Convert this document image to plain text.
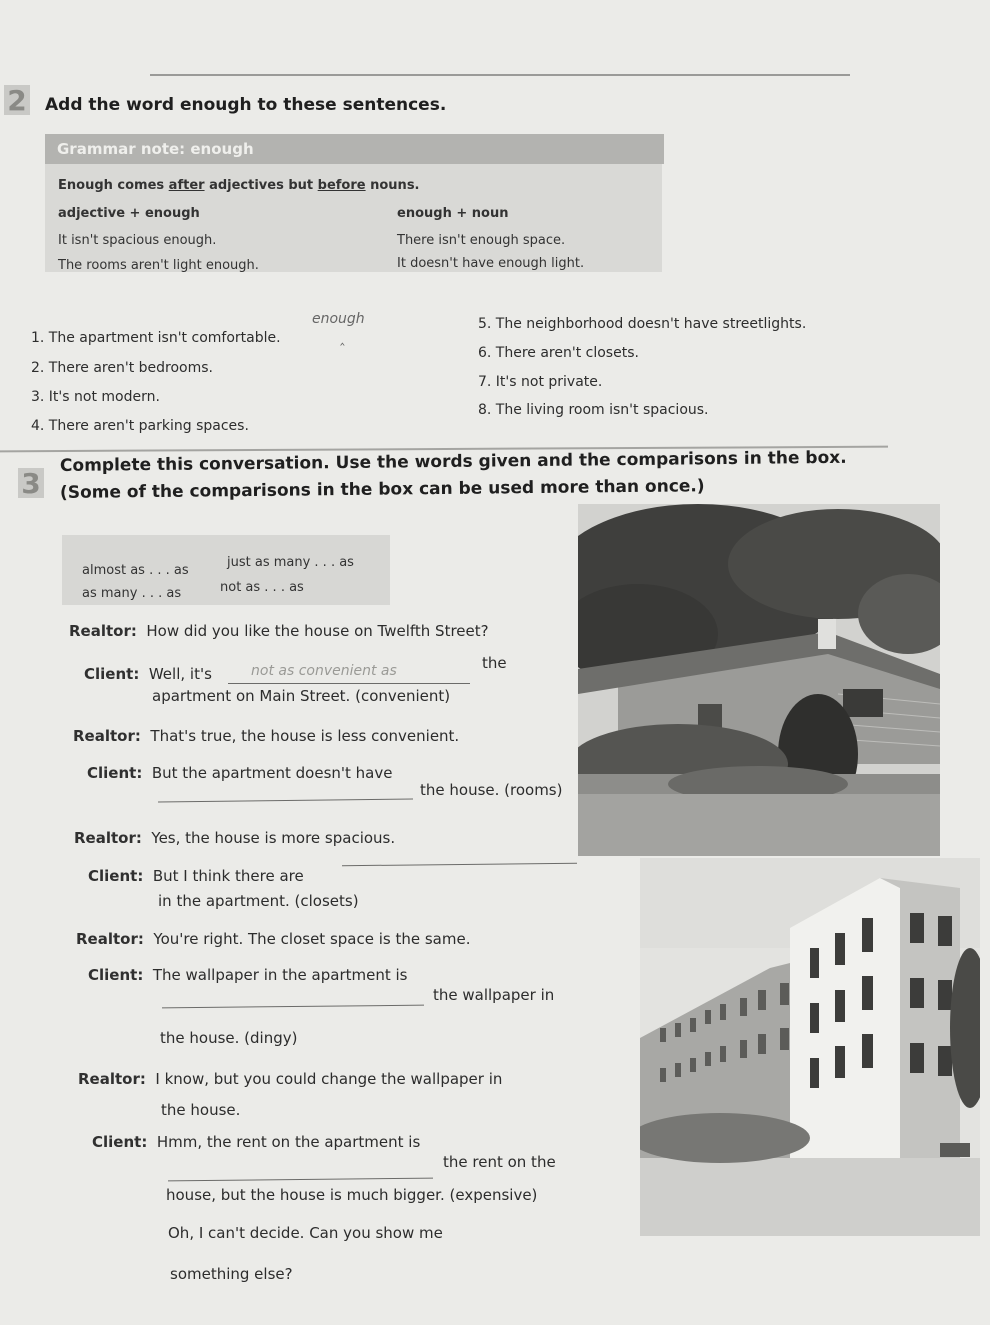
2 Add the word enough to these sentences.
Grammar note: enough
Enough comes after adjectives but before nouns.
adjective + enough	enough + noun
It isn't spacious enough.	There isn't enough space.
The rooms aren't light enough.	It doesn't have enough light.
enough
‸
1. The apartment isn't comfortable.
2. There aren't bedrooms.
3. It's not modern.
4. There aren't parking spaces.
5. The neighborhood doesn't have streetlights.
6. There aren't closets.
7. It's not private.
8. The living room isn't spacious.
3
Complete this conversation. Use the words given and the comparisons in the box.
(Some of the comparisons in the box can be used more than once.)
almost as . . . as
just as many . . . as
as many . . . as	not as . . . as
Realtor: How did you like the house on Twelfth Street?
Client: Well, it's	not as convenient as	the
apartment on Main Street. (convenient)
Realtor: That's true, the house is less convenient.
Client: But the apartment doesn't have
the house. (rooms)
Realtor: Yes, the house is more spacious.
Client: But I think there are
in the apartment. (closets)
Realtor: You're right. The closet space is the same.
Client: The wallpaper in the apartment is
the wallpaper in
the house. (dingy)
Realtor: I know, but you could change the wallpaper in
the house.
Client: Hmm, the rent on the apartment is
the rent on the
house, but the house is much bigger. (expensive)
Oh, I can't decide. Can you show me
something else?
